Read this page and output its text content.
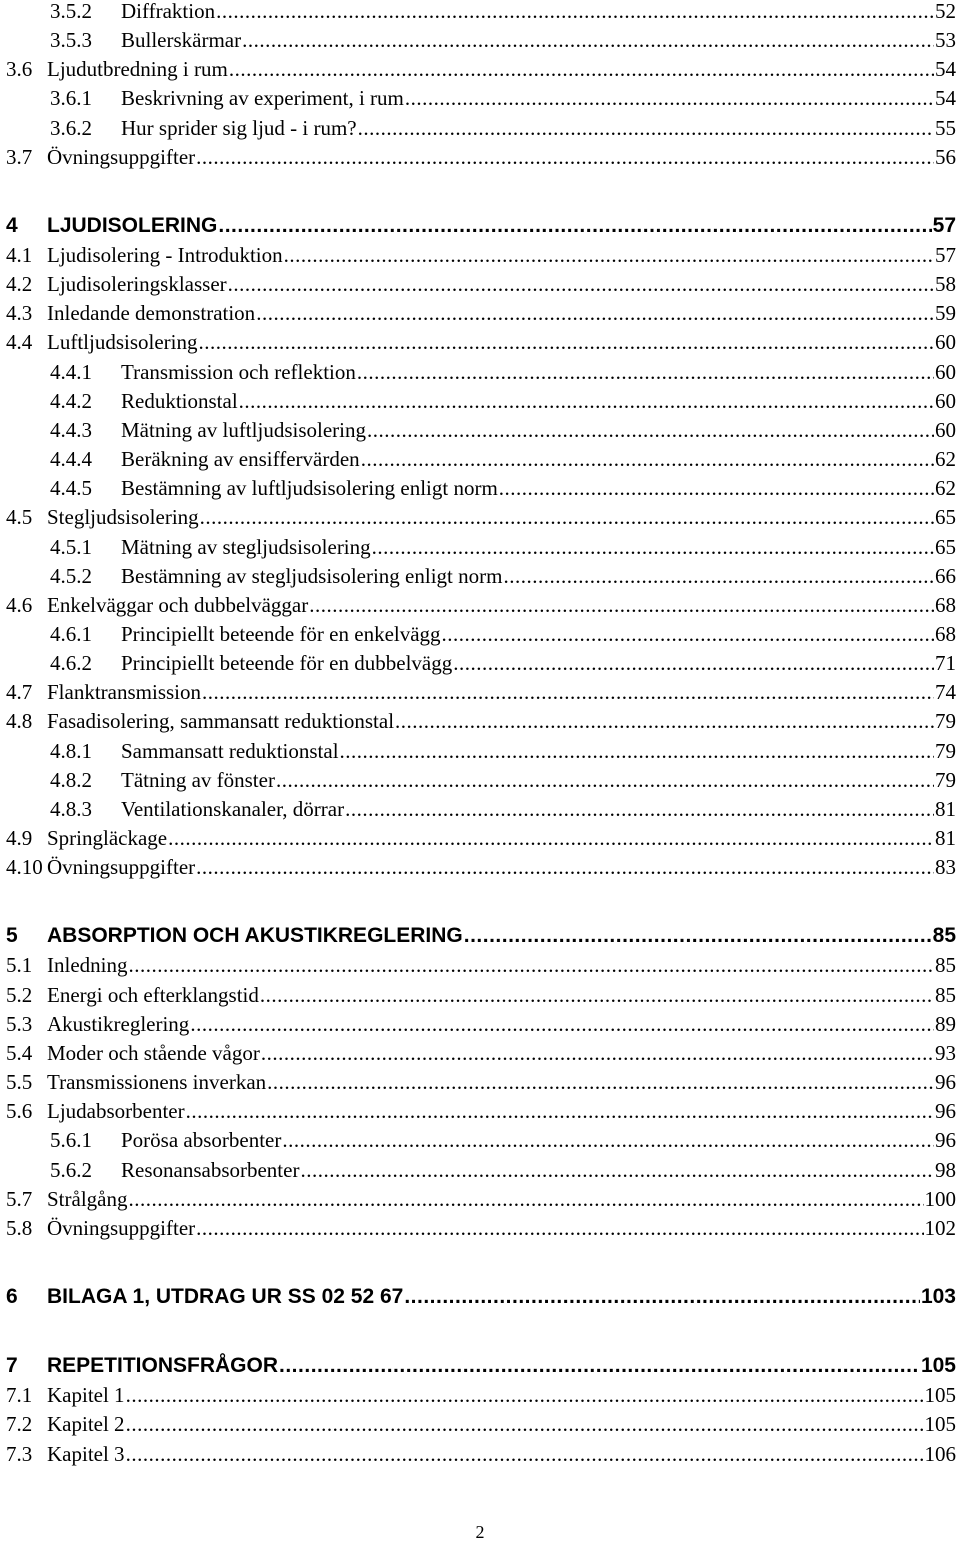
3.5.2	Diffraktion .....	52
3.5.3	Bullerskärmar .....	53
3.6 Ljudutbredning i rum .....	54
3.6.1	Beskrivning av experiment, i rum .....	54
3.6.2	Hur sprider sig ljud - i rum? .....	55
3.7 Övningsuppgifter .....	56
4	LJUDISOLERING .....	57
4.1 Ljudisolering - Introduktion .....	57
4.2 Ljudisoleringsklasser .....	58
4.3 Inledande demonstration .....	59
4.4 Luftljudsisolering .....	60
4.4.1	Transmission och reflektion .....	60
4.4.2	Reduktionstal .....	60
4.4.3	Mätning av luftljudsisolering .....	60
4.4.4	Beräkning av ensiffervärden .....	62
4.4.5	Bestämning av luftljudsisolering enligt norm .....	62
4.5 Stegljudsisolering .....	65
4.5.1	Mätning av stegljudsisolering .....	65
4.5.2	Bestämning av stegljudsisolering enligt norm .....	66
4.6 Enkelväggar och dubbelväggar .....	68
4.6.1	Principiellt beteende för en enkelvägg .....	68
4.6.2	Principiellt beteende för en dubbelvägg .....	71
4.7 Flanktransmission .....	74
4.8 Fasadisolering, sammansatt reduktionstal .....	79
4.8.1	Sammansatt reduktionstal .....	79
4.8.2	Tätning av fönster .....	79
4.8.3	Ventilationskanaler, dörrar .....	81
4.9 Springläckage .....	81
4.10 Övningsuppgifter .....	83
5	ABSORPTION OCH AKUSTIKREGLERING .....	85
5.1 Inledning .....	85
5.2 Energi och efterklangstid .....	85
5.3 Akustikreglering .....	89
5.4 Moder och stående vågor .....	93
5.5 Transmissionens inverkan .....	96
5.6 Ljudabsorbenter .....	96
5.6.1	Porösa absorbenter .....	96
5.6.2	Resonansabsorbenter .....	98
5.7 Strålgång .....	100
5.8 Övningsuppgifter .....	102
6	BILAGA 1, UTDRAG UR SS 02 52 67 .....	103
7	REPETITIONSFRÅGOR .....	105
7.1 Kapitel 1 .....	105
7.2 Kapitel 2 .....	105
7.3 Kapitel 3 .....	106
2
